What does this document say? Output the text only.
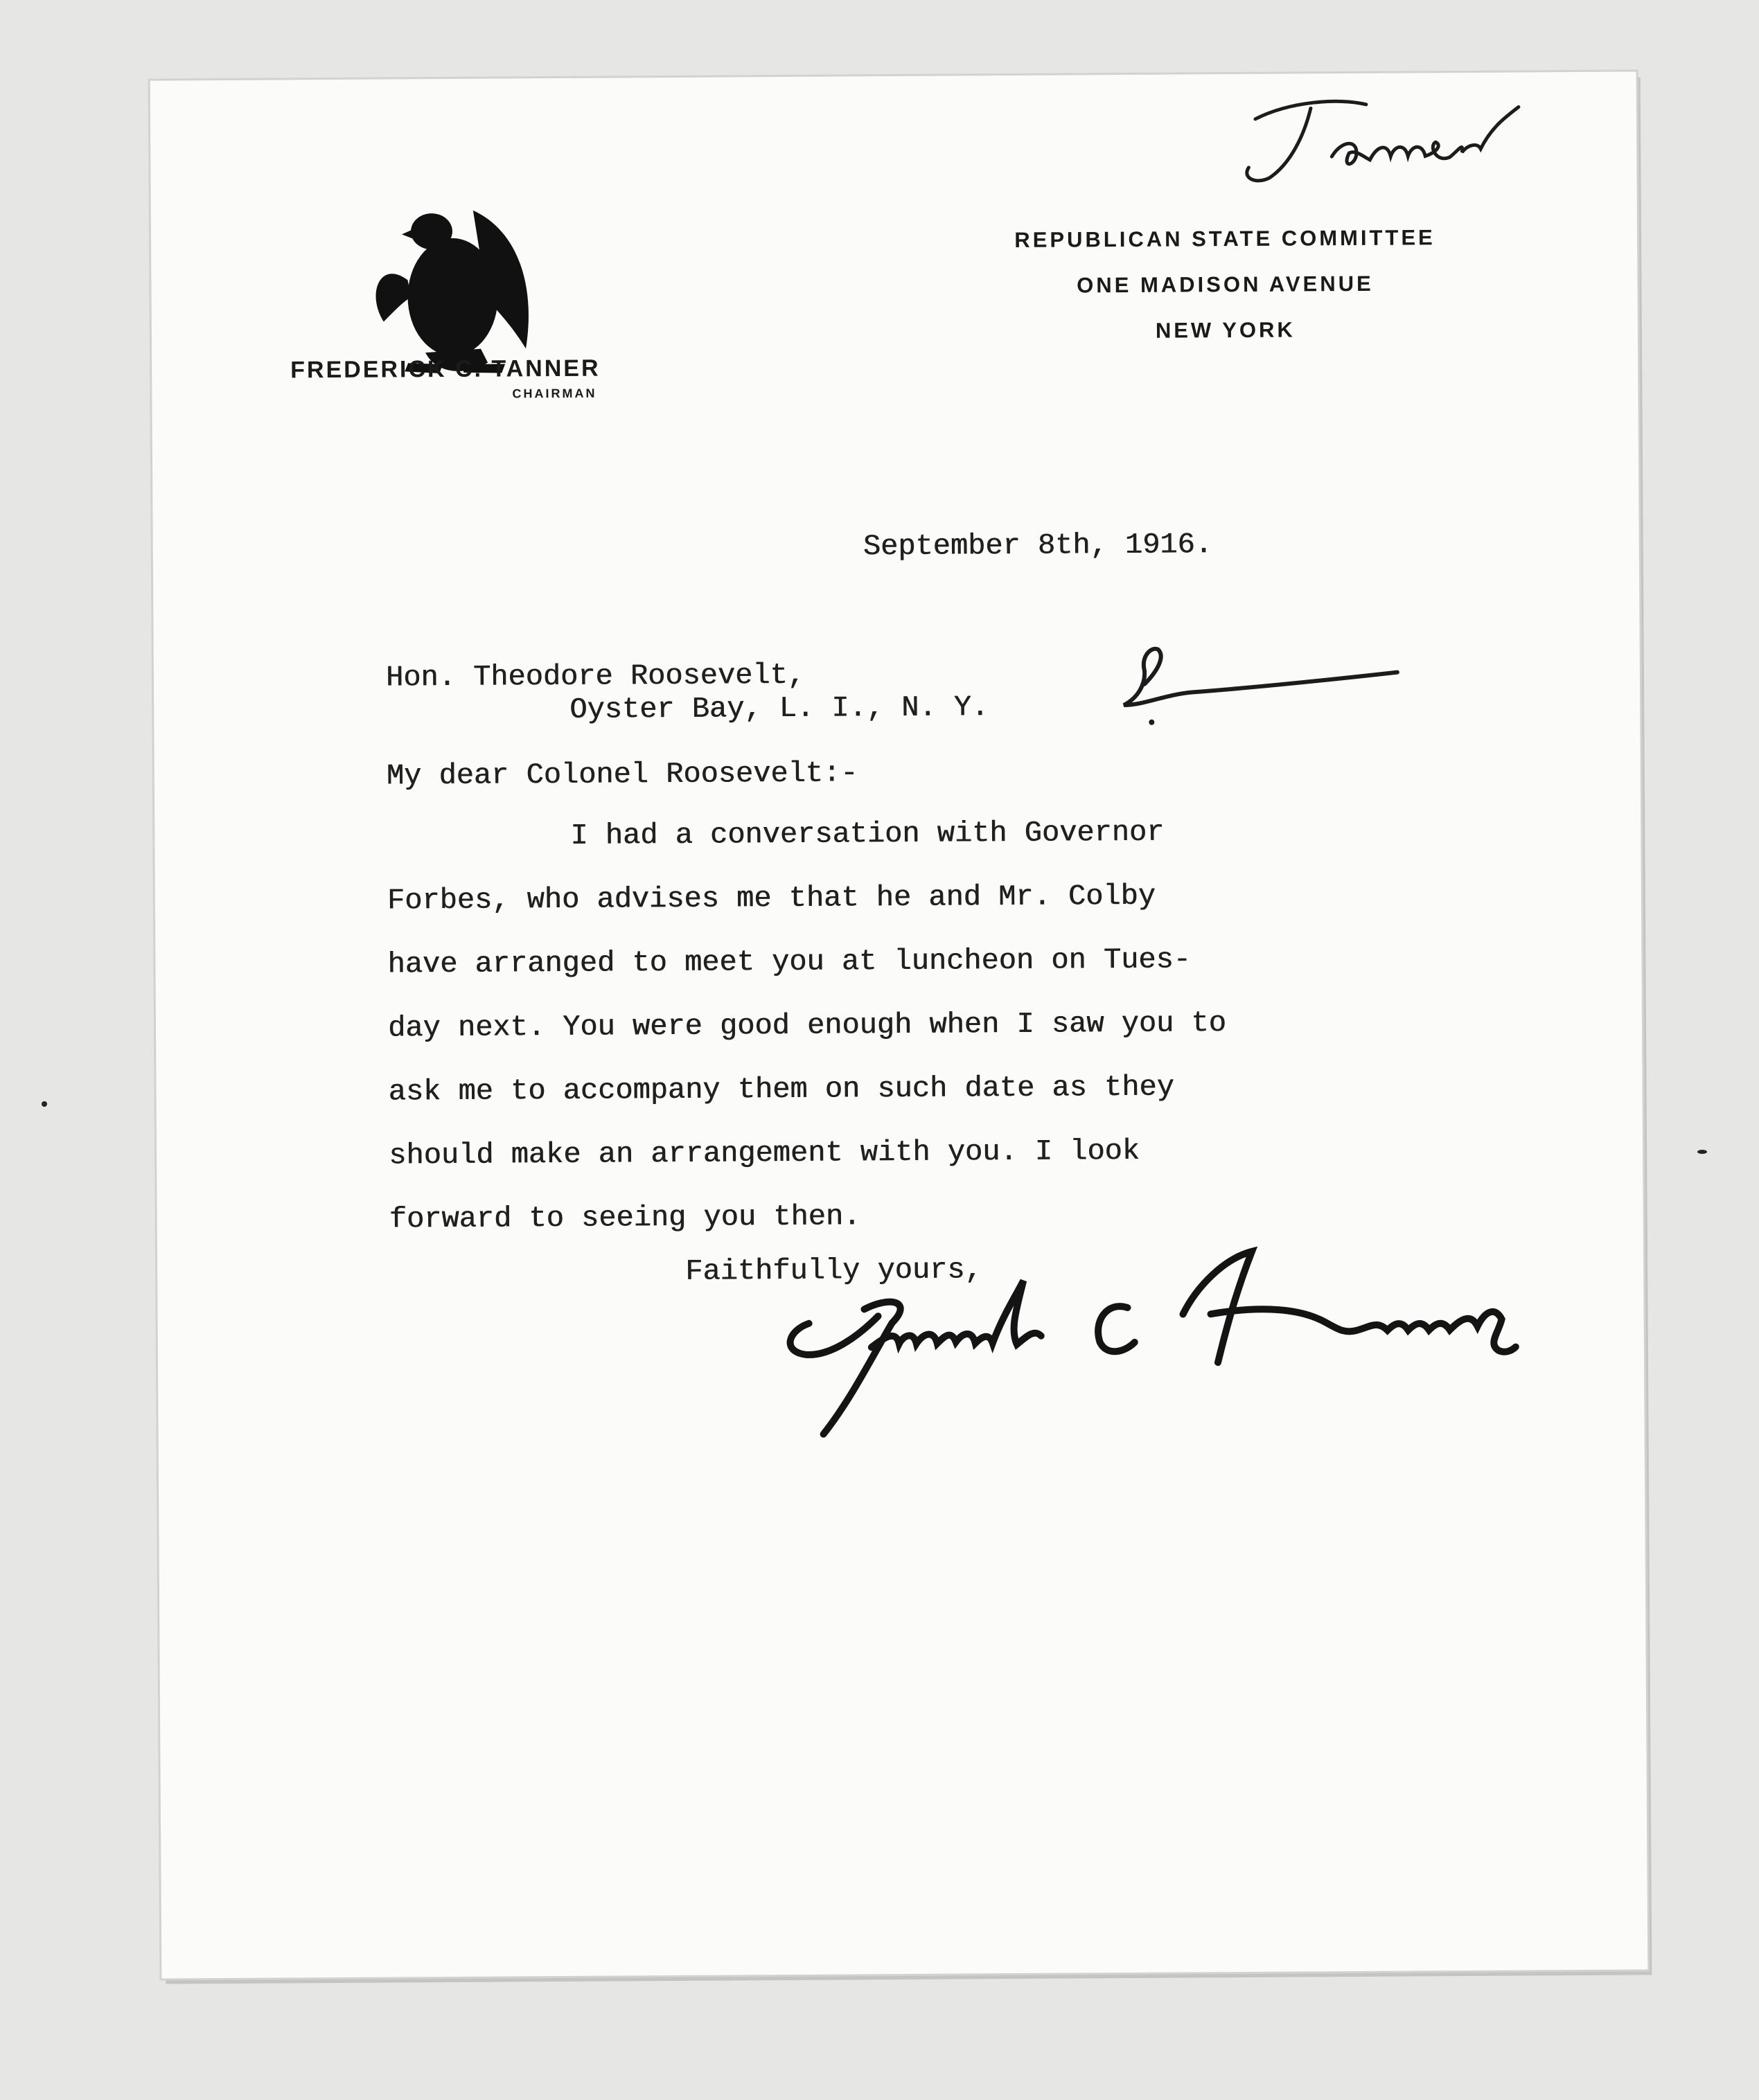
FREDERICK C. TANNER
CHAIRMAN
REPUBLICAN STATE COMMITTEE
ONE MADISON AVENUE
NEW YORK
September 8th, 1916.
Hon. Theodore Roosevelt,
Oyster Bay, L. I., N. Y.
My dear Colonel Roosevelt:-
I had a conversation with Governor
Forbes, who advises me that he and Mr. Colby
have arranged to meet you at luncheon on Tues-
day next. You were good enough when I saw you to
ask me to accompany them on such date as they
should make an arrangement with you. I look
forward to seeing you then.
Faithfully yours,
